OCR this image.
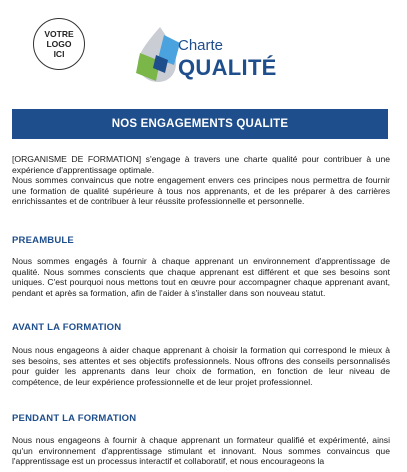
VOTRE
LOGO
ICI	Charte
QUALITÉ
NOS ENGAGEMENTS QUALITE

[ORGANISME DE FORMATION] s'engage à travers une charte qualité pour contribuer à une expérience d'apprentissage optimale.

Nous sommes convaincus que notre engagement envers ces principes nous permettra de fournir une formation de qualité supérieure à tous nos apprenants, et de les préparer à des carrières enrichissantes et de contribuer à leur réussite professionnelle et personnelle.

PREAMBULE

Nous sommes engagés à fournir à chaque apprenant un environnement d'apprentissage de qualité. Nous sommes conscients que chaque apprenant est différent et que ses besoins sont uniques. C'est pourquoi nous mettons tout en œuvre pour accompagner chaque apprenant avant, pendant et après sa formation, afin de l'aider à s'installer dans son nouveau statut.

AVANT LA FORMATION

Nous nous engageons à aider chaque apprenant à choisir la formation qui correspond le mieux à ses besoins, ses attentes et ses objectifs professionnels. Nous offrons des conseils personnalisés pour guider les apprenants dans leur choix de formation, en fonction de leur niveau de compétence, de leur expérience professionnelle et de leur projet professionnel.

PENDANT LA FORMATION

Nous nous engageons à fournir à chaque apprenant un formateur qualifié et expérimenté, ainsi qu'un environnement d'apprentissage stimulant et innovant. Nous sommes convaincus que l'apprentissage est un processus interactif et collaboratif, et nous encourageons la
